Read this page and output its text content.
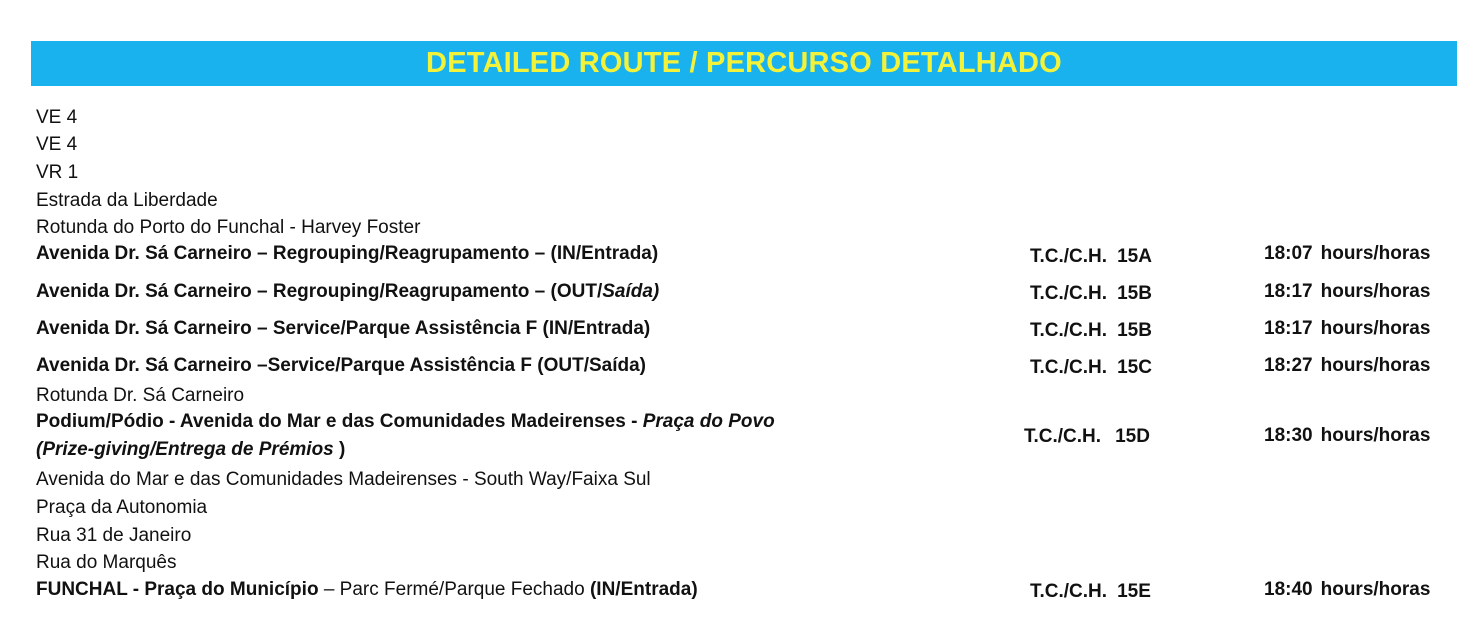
DETAILED ROUTE / PERCURSO DETALHADO
VE 4
VE 4
VR 1
Estrada da Liberdade
Rotunda do Porto do Funchal - Harvey Foster
Avenida Dr. Sá Carneiro – Regrouping/Reagrupamento – (IN/Entrada)	T.C./C.H. 15A	18:07 hours/horas
Avenida Dr. Sá Carneiro – Regrouping/Reagrupamento – (OUT/Saída)	T.C./C.H. 15B	18:17 hours/horas
Avenida Dr. Sá Carneiro – Service/Parque Assistência F (IN/Entrada)	T.C./C.H. 15B	18:17 hours/horas
Avenida Dr. Sá Carneiro –Service/Parque Assistência F (OUT/Saída)	T.C./C.H. 15C	18:27 hours/horas
Rotunda Dr. Sá Carneiro
Podium/Pódio - Avenida do Mar e das Comunidades Madeirenses - Praça do Povo
(Prize-giving/Entrega de Prémios )
T.C./C.H. 15D	18:30 hours/horas
Avenida do Mar e das Comunidades Madeirenses - South Way/Faixa Sul
Praça da Autonomia
Rua 31 de Janeiro
Rua do Marquês
FUNCHAL - Praça do Município – Parc Fermé/Parque Fechado (IN/Entrada)	T.C./C.H. 15E	18:40 hours/horas
